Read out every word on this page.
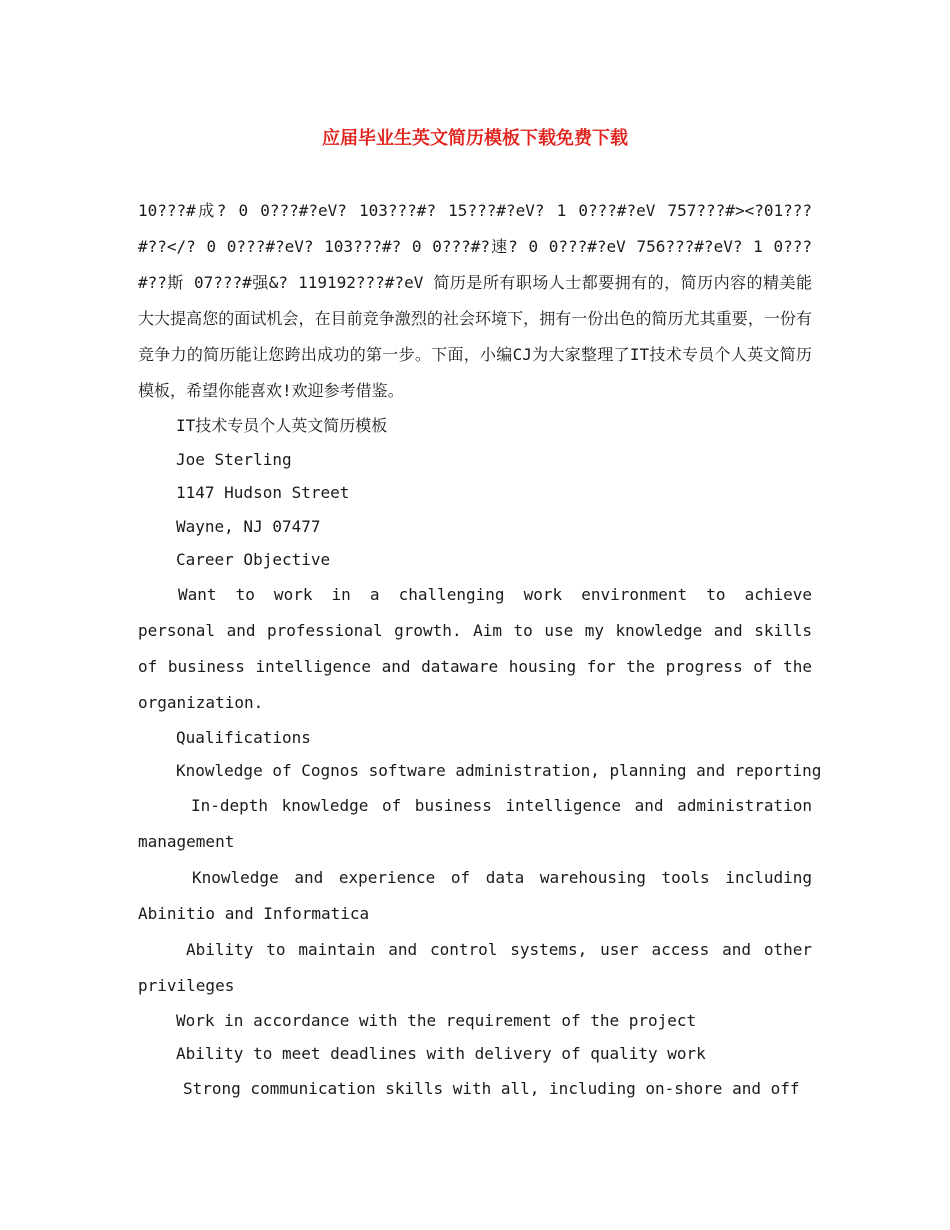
应届毕业生英文简历模板下载免费下载
10???#成? 0 0???#?eV? 103???#? 15???#?eV? 1 0???#?eV 757???#><?01???#??</? 0 0???#?eV? 103???#? 0 0???#?速? 0 0???#?eV 756???#?eV? 1 0???#??斯 07???#强&? 119192???#?eV 简历是所有职场人士都要拥有的，简历内容的精美能大大提高您的面试机会，在目前竞争激烈的社会环境下，拥有一份出色的简历尤其重要，一份有竞争力的简历能让您跨出成功的第一步。下面，小编CJ为大家整理了IT技术专员个人英文简历模板，希望你能喜欢!欢迎参考借鉴。
IT技术专员个人英文简历模板
Joe Sterling
1147 Hudson Street
Wayne, NJ 07477
Career Objective
Want to work in a challenging work environment to achieve personal and professional growth. Aim to use my knowledge and skills of business intelligence and dataware housing for the progress of the organization.
Qualifications
Knowledge of Cognos software administration, planning and reporting
In-depth knowledge of business intelligence and administration management
Knowledge and experience of data warehousing tools including Abinitio and Informatica
Ability to maintain and control systems, user access and other privileges
Work in accordance with the requirement of the project
Ability to meet deadlines with delivery of quality work
Strong communication skills with all, including on-shore and off
